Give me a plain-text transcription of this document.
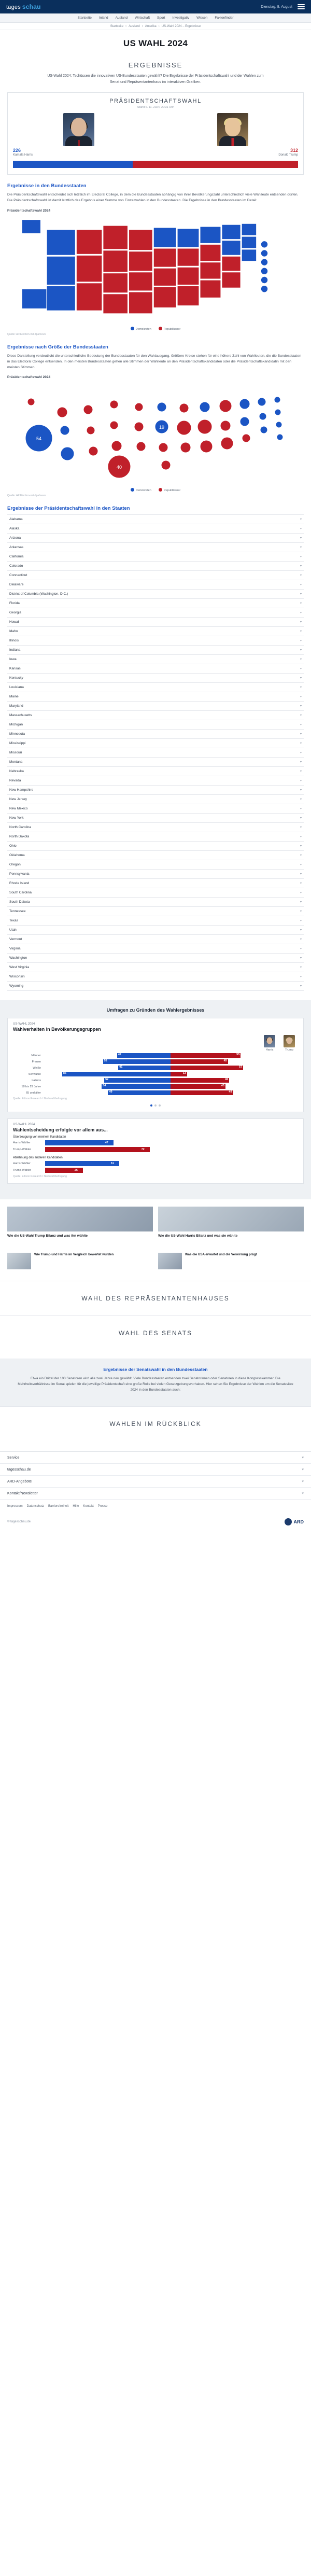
tages schau	Dienstag, 8. August
Startseite Inland Ausland Wirtschaft Sport Investigativ Wissen Faktenfinder
Startseite › Ausland › Amerika › US-Wahl 2024 – Ergebnisse
US WAHL 2024
ERGEBNISSE
US-Wahl 2024: Tschüssen die innovativen US-Bundesstaaten gewählt? Die Ergebnisse der Präsidentschaftswahl und der Wahlen zum Senat und Repräsentantenhaus im interaktiven Grafiken.
PRÄSIDENTSCHAFTSWAHL
Stand 6. 11. 2024, 20:31 Uhr
226	312
Kamala Harris	Donald Trump
Ergebnisse in den Bundesstaaten

Die Präsidentschaftswahl entscheidet sich letztlich im Electoral College, in dem die Bundesstaaten abhängig von ihrer Bevölkerungszahl unterschiedlich viele Wahlleute entsenden dürfen. Die Präsidentschaftswahl ist damit letztlich das Ergebnis einer Summe von Einzelwahlen in den Bundesstaaten. Die Ergebnisse in den Bundesstaaten im Detail:

Präsidentschaftswahl 2024
Demokraten	Republikaner
Quelle: AP/Election-mit-dpa/news
Ergebnisse nach Größe der Bundesstaaten

Diese Darstellung verdeutlicht die unterschiedliche Bedeutung der Bundesstaaten für den Wahlausgang. Größere Kreise stehen für eine höhere Zahl von Wahlleuten, die die Bundesstaaten in das Electoral College entsenden. In den meisten Bundesstaaten gehen alle Stimmen der Wahlleute an den Präsidentschaftskandidaten oder die Präsidentschaftskandidatin mit den meisten Stimmen.

Präsidentschaftswahl 2024
54
40
19
Demokraten	Republikaner
Quelle: AP/Election-mit-dpa/news
Ergebnisse der Präsidentschaftswahl in den Staaten
Alabama	▾
Alaska	▾
Arizona	▾
Arkansas	▾
California	▾
Colorado	▾
Connecticut	▾
Delaware	▾
District of Columbia (Washington, D.C.)	▾
Florida	▾
Georgia	▾
Hawaii	▾
Idaho	▾
Illinois	▾
Indiana	▾
Iowa	▾
Kansas	▾
Kentucky	▾
Louisiana	▾
Maine	▾
Maryland	▾
Massachusetts	▾
Michigan	▾
Minnesota	▾
Mississippi	▾
Missouri	▾
Montana	▾
Nebraska	▾
Nevada	▾
New Hampshire	▾
New Jersey	▾
New Mexico	▾
New York	▾
North Carolina	▾
North Dakota	▾
Ohio	▾
Oklahoma	▾
Oregon	▾
Pennsylvania	▾
Rhode Island	▾
South Carolina	▾
South Dakota	▾
Tennessee	▾
Texas	▾
Utah	▾
Vermont	▾
Virginia	▾
Washington	▾
West Virginia	▾
Wisconsin	▾
Wyoming	▾
Umfragen zu Gründen des Wahlergebnisses
US-WAHL 2024
Wahlverhalten in Bevölkerungsgruppen
Harris	Trump
Männer	42	55
Frauen	53	45
Weiße	41	57
Schwarze	85	13
Latinos	52	46
18 bis 29 Jahre	54	43
65 und älter	49	49
Quelle: Edison Research / Nachwahlbefragung
US-WAHL 2024
Wahlentscheidung erfolgte vor allem aus...
Überzeugung von meinem Kandidaten
Harris-Wähler	47
Trump-Wähler	72
Ablehnung des anderen Kandidaten
Harris-Wähler	51
Trump-Wähler	26
Quelle: Edison Research / Nachwahlbefragung
Wie die US-Wahl Trump Bilanz und was ihn wählte	Wie die US-Wahl Harris Bilanz und was sie wählte
Wie Trump und Harris im Vergleich bewertet wurden	Was die USA erwartet und die Verwirrung prägt
WAHL DES REPRÄSENTANTENHAUSES
WAHL DES SENATS
Ergebnisse der Senatswahl in den Bundesstaaten

Etwa ein Drittel der 100 Senatoren wird alle zwei Jahre neu gewählt. Viele Bundesstaaten entsenden zwei Senatorinnen oder Senatoren in diese Kongresskammer. Die Mehrheitsverhältnisse im Senat spielen für die jeweilige Präsidentschaft eine große Rolle bei vielen Gesetzgebungsvorhaben. Hier sehen Sie Ergebnisse der Wahlen um die Senatssitze 2024 in den Bundesstaaten auch:

WAHLEN IM RÜCKBLICK
Service	▾
tagesschau.de	▾
ARD-Angebote	▾
Kontakt/Newsletter	▾
Impressum Datenschutz Barrierefreiheit Hilfe Kontakt Presse
© tagesschau.de	ARD
